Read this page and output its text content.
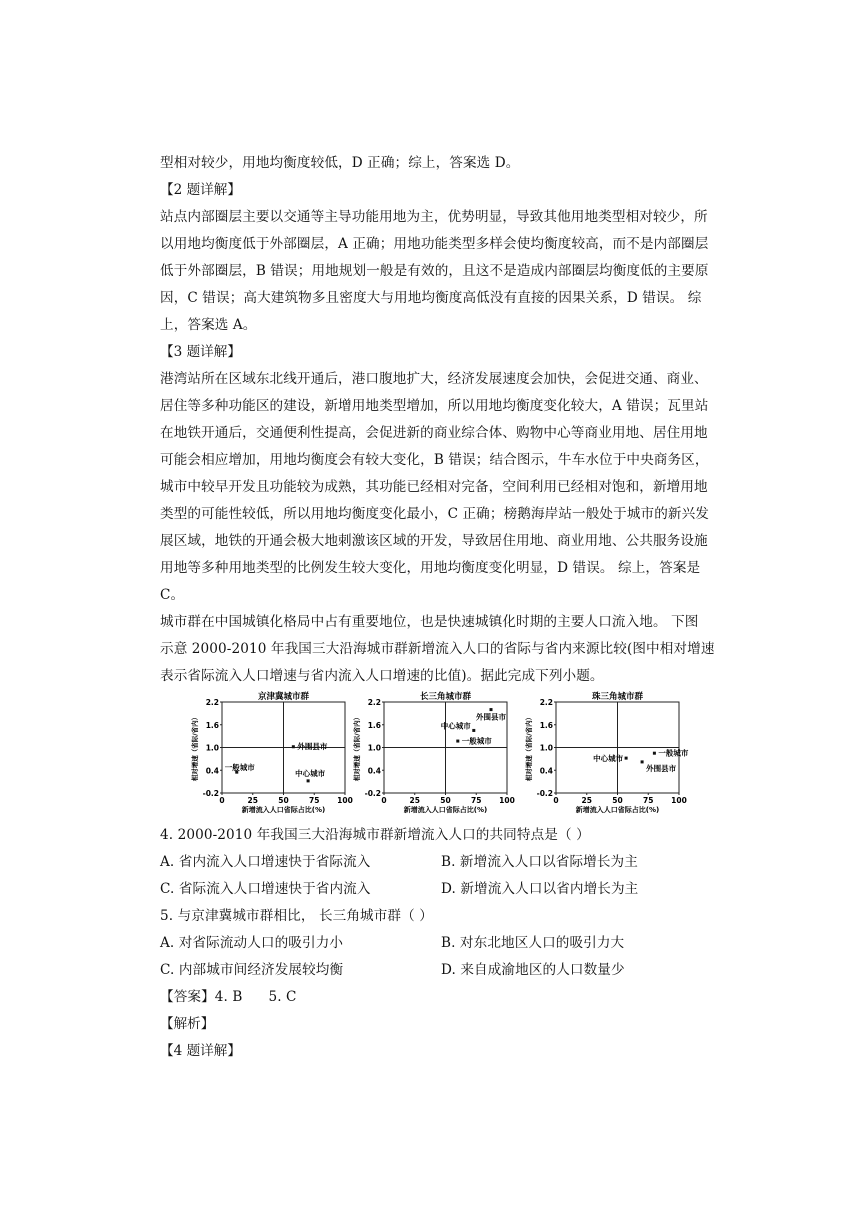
型相对较少，用地均衡度较低，D 正确；综上，答案选 D。
【2 题详解】
站点内部圈层主要以交通等主导功能用地为主，优势明显，导致其他用地类型相对较少，所
以用地均衡度低于外部圈层，A 正确；用地功能类型多样会使均衡度较高，而不是内部圈层
低于外部圈层，B 错误；用地规划一般是有效的，且这不是造成内部圈层均衡度低的主要原
因，C 错误；高大建筑物多且密度大与用地均衡度高低没有直接的因果关系，D 错误。 综
上，答案选 A。
【3 题详解】
港湾站所在区域东北线开通后，港口腹地扩大，经济发展速度会加快，会促进交通、商业、
居住等多种功能区的建设，新增用地类型增加，所以用地均衡度变化较大，A 错误；瓦里站
在地铁开通后，交通便利性提高，会促进新的商业综合体、购物中心等商业用地、居住用地
可能会相应增加，用地均衡度会有较大变化，B 错误；结合图示，牛车水位于中央商务区，
城市中较早开发且功能较为成熟，其功能已经相对完备，空间利用已经相对饱和，新增用地
类型的可能性较低，所以用地均衡度变化最小，C 正确；榜鹅海岸站一般处于城市的新兴发
展区域，地铁的开通会极大地刺激该区域的开发，导致居住用地、商业用地、公共服务设施
用地等多种用地类型的比例发生较大变化，用地均衡度变化明显，D 错误。 综上，答案是
C。
城市群在中国城镇化格局中占有重要地位，也是快速城镇化时期的主要人口流入地。 下图
示意 2000-2010 年我国三大沿海城市群新增流入人口的省际与省内来源比较(图中相对增速
表示省际流入人口增速与省内流入人口增速的比值)。据此完成下列小题。
京津冀城市群
2.2
1.6
1.0
0.4
-0.2
0	25	50	75 100
新增流入人口省际占比(%)
相对增速（省际/省内）	一般城市
外围县市
中心城市
长三角城市群
2.2
1.6
1.0
0.4
-0.2
0	25	50	75 100
新增流入人口省际占比(%)
相对增速（省际/省内）	外围县市
中心城市
一般城市
珠三角城市群
2.2
1.6
1.0
0.4
-0.2
0	25	50	75 100
新增流入人口省际占比(%)
相对增速（省际/省内）	中心城市
一般城市
外围县市
4. 2000-2010 年我国三大沿海城市群新增流入人口的共同特点是（ ）
A. 省内流入人口增速快于省际流入	B. 新增流入人口以省际增长为主
C. 省际流入人口增速快于省内流入	D. 新增流入人口以省内增长为主
5. 与京津冀城市群相比， 长三角城市群（ ）
A. 对省际流动人口的吸引力小	B. 对东北地区人口的吸引力大
C. 内部城市间经济发展较均衡	D. 来自成渝地区的人口数量少
【答案】4. B 5. C
【解析】
【4 题详解】
